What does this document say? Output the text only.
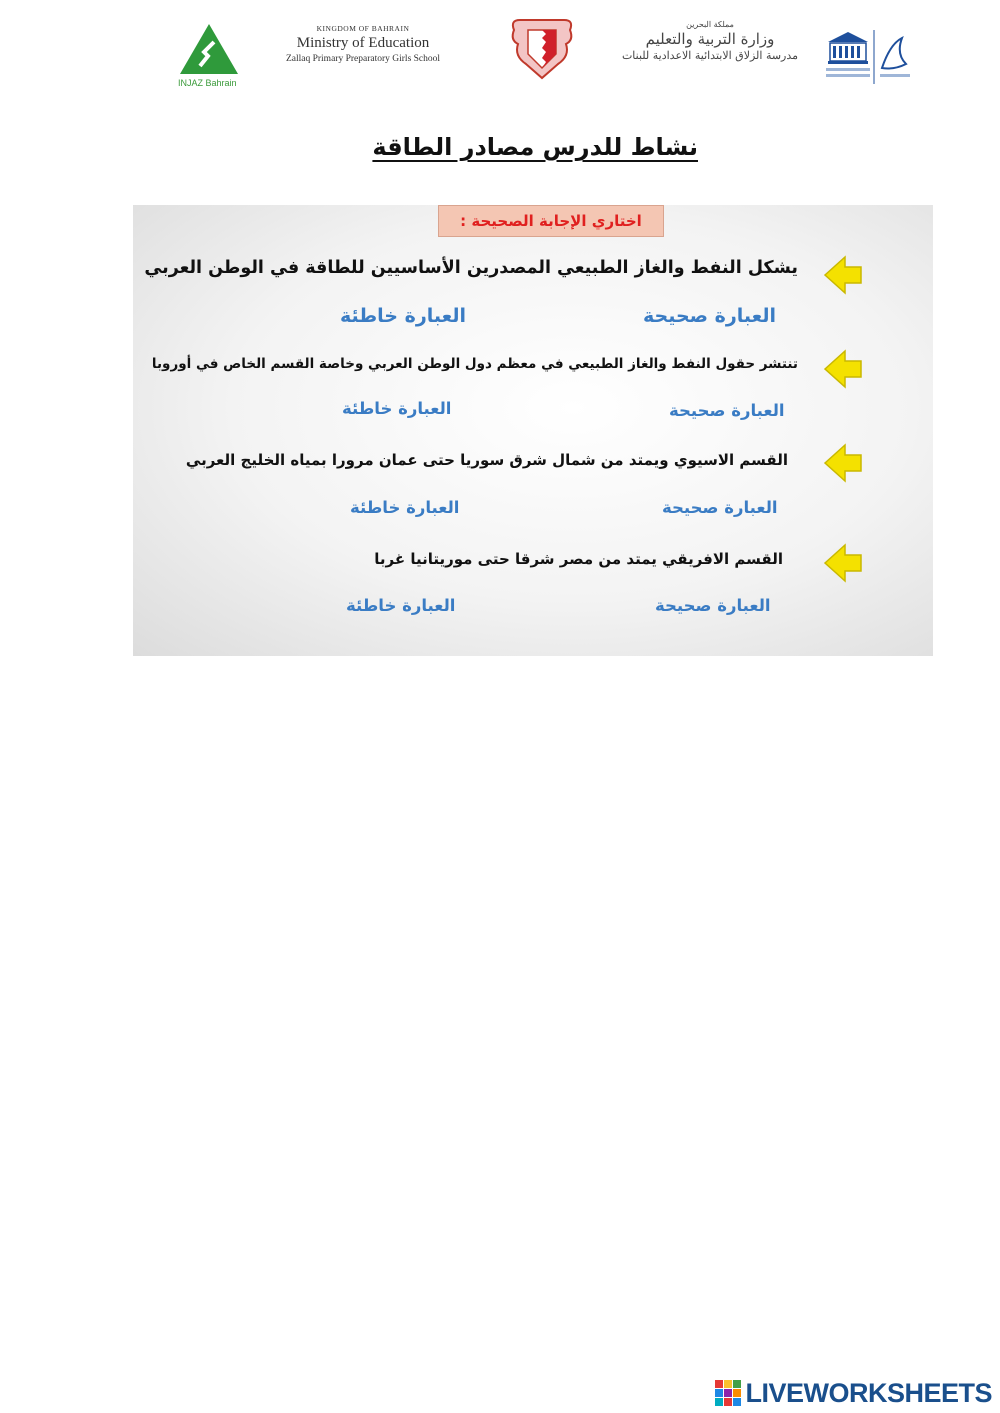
INJAZ Bahrain
KINGDOM OF BAHRAIN
Ministry of Education
Zallaq Primary Preparatory Girls School
مملكة البحرين
وزارة التربية والتعليم
مدرسة الزلاق الابتدائية الاعدادية للبنات
نشاط للدرس مصادر الطاقة
اختاري الإجابة الصحيحة :
يشكل النفط والغاز الطبيعي المصدرين الأساسيين للطاقة في الوطن العربي
العبارة صحيحة
العبارة خاطئة
تنتشر حقول النفط والغاز الطبيعي في معظم دول الوطن العربي وخاصة القسم الخاص في أوروبا
العبارة صحيحة
العبارة خاطئة
القسم الاسيوي ويمتد من شمال شرق سوريا حتى عمان مرورا بمياه الخليج العربي
العبارة صحيحة
العبارة خاطئة
القسم الافريقي يمتد من مصر شرقا حتى موريتانيا غربا
العبارة صحيحة
العبارة خاطئة
LIVEWORKSHEETS
